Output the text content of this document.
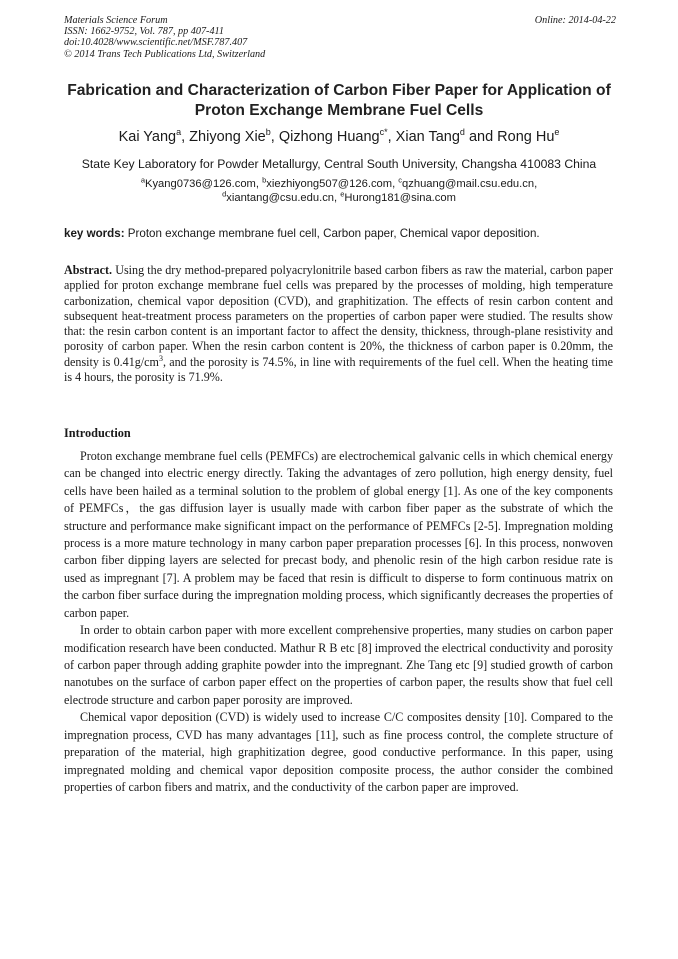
Materials Science Forum
ISSN: 1662-9752, Vol. 787, pp 407-411
doi:10.4028/www.scientific.net/MSF.787.407
© 2014 Trans Tech Publications Ltd, Switzerland
Online: 2014-04-22
Fabrication and Characterization of Carbon Fiber Paper for Application of Proton Exchange Membrane Fuel Cells
Kai Yang$^a$, Zhiyong Xie$^b$, Qizhong Huang$^{c*}$, Xian Tang$^d$ and Rong Hu$^e$
State Key Laboratory for Powder Metallurgy, Central South University, Changsha 410083 China
$^a$Kyang0736@126.com, $^b$xiezhiyong507@126.com, $^c$qzhuang@mail.csu.edu.cn,
$^d$xiantang@csu.edu.cn, $^e$Hurong181@sina.com
key words: Proton exchange membrane fuel cell, Carbon paper, Chemical vapor deposition.
Abstract. Using the dry method-prepared polyacrylonitrile based carbon fibers as raw the material, carbon paper applied for proton exchange membrane fuel cells was prepared by the processes of molding, high temperature carbonization, chemical vapor deposition (CVD), and graphitization. The effects of resin carbon content and subsequent heat-treatment process parameters on the properties of carbon paper were studied. The results show that: the resin carbon content is an important factor to affect the density, thickness, through-plane resistivity and porosity of carbon paper. When the resin carbon content is 20%, the thickness of carbon paper is 0.20mm, the density is $0.41g/cm^3$, and the porosity is 74.5%, in line with requirements of the fuel cell. When the heating time is 4 hours, the porosity is 71.9%.
Introduction

Proton exchange membrane fuel cells (PEMFCs) are electrochemical galvanic cells in which chemical energy can be changed into electric energy directly. Taking the advantages of zero pollution, high energy density, fuel cells have been hailed as a terminal solution to the problem of global energy [1]. As one of the key components of PEMFCs，the gas diffusion layer is usually made with carbon fiber paper as the substrate of which the structure and performance make significant impact on the performance of PEMFCs [2-5]. Impregnation molding process is a more mature technology in many carbon paper preparation processes [6]. In this process, nonwoven carbon fiber dipping layers are selected for precast body, and phenolic resin of the high carbon residue rate is used as impregnant [7]. A problem may be faced that resin is difficult to disperse to form continuous matrix on the carbon fiber surface during the impregnation molding process, which significantly decreases the properties of carbon paper.

In order to obtain carbon paper with more excellent comprehensive properties, many studies on carbon paper modification research have been conducted. Mathur R B etc [8] improved the electrical conductivity and porosity of carbon paper through adding graphite powder into the impregnant. Zhe Tang etc [9] studied growth of carbon nanotubes on the surface of carbon paper effect on the properties of carbon paper, the results show that fuel cell electrode structure and carbon paper porosity are improved.

Chemical vapor deposition (CVD) is widely used to increase C/C composites density [10]. Compared to the impregnation process, CVD has many advantages [11], such as fine process control, the complete structure of preparation of the material, high graphitization degree, good conductive performance. In this paper, using impregnated molding and chemical vapor deposition composite process, the author consider the combined properties of carbon fibers and matrix, and the conductivity of the carbon paper are improved.
